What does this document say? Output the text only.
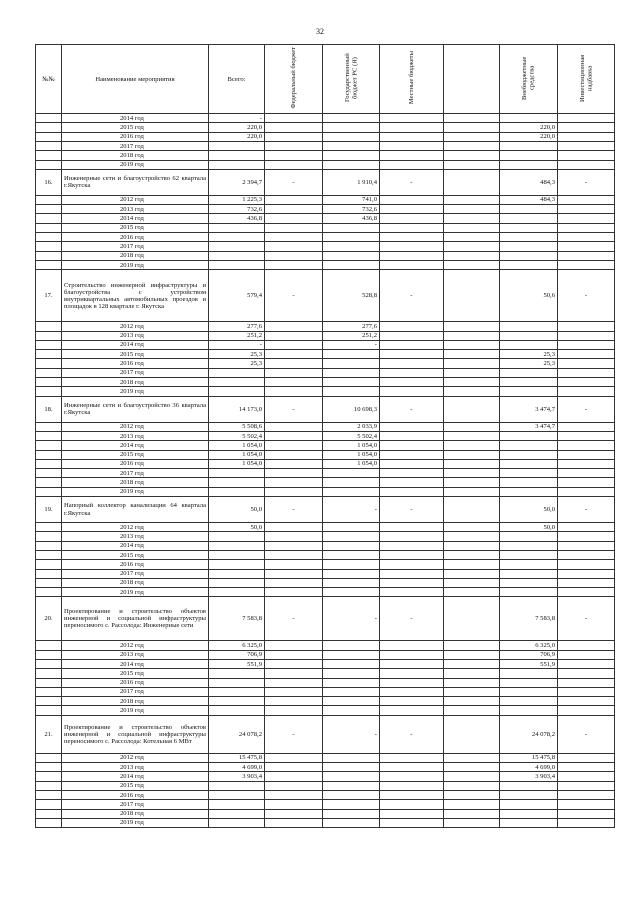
32
№№	Наименование мероприятия	Всего:	Федеральный бюджет	Государственный бюджет РС (Я)	Местные бюджеты		Внебюджетные средства	Инвестиционная надбавка
	2014 год	-						
	2015 год	220,0					220,0	
	2016 год	220,0					220,0	
	2017 год							
	2018 год							
	2019 год							
16.	Инженерные сети и благоустройство 62 квартала г.Якутска	2 394,7	-	1 910,4	-		484,3	-
	2012 год	1 225,3		741,0			484,3	
	2013 год	732,6		732,6				
	2014 год	436,8		436,8				
	2015 год							
	2016 год							
	2017 год							
	2018 год							
	2019 год							
17.	Строительство инженерной инфраструктуры и благоустройства с устройством внутриквартальных автомобильных проездов и площадок в 128 квартале г. Якутска	579,4	-	528,8	-		50,6	-
	2012 год	277,6		277,6				
	2013 год	251,2		251,2				
	2014 год	-		-				
	2015 год	25,3					25,3	
	2016 год	25,3					25,3	
	2017 год							
	2018 год							
	2019 год							
18.	Инженерные сети и благоустройство 36 квартала г.Якутска	14 173,0	-	10 698,3	-		3 474,7	-
	2012 год	5 508,6		2 033,9			3 474,7	
	2013 год	5 502,4		5 502,4				
	2014 год	1 054,0		1 054,0				
	2015 год	1 054,0		1 054,0				
	2016 год	1 054,0		1 054,0				
	2017 год							
	2018 год							
	2019 год							
19.	Напорный коллектор канализации 64 квартала г.Якутска	50,0	-	-	-		50,0	-
	2012 год	50,0					50,0	
	2013 год							
	2014 год							
	2015 год							
	2016 год							
	2017 год							
	2018 год							
	2019 год							
20.	Проектирование и строительство объектов инженерной и социальной инфраструктуры переносимого с. Расcолода: Инженерные сети	7 583,8	-	-	-		7 583,8	-
	2012 год	6 325,0					6 325,0	
	2013 год	706,9					706,9	
	2014 год	551,9					551,9	
	2015 год							
	2016 год							
	2017 год							
	2018 год							
	2019 год							
21.	Проектирование и строительство объектов инженерной и социальной инфраструктуры переносимого с. Рассолода: Котельная 6 МВт	24 078,2	-	-	-		24 078,2	-
	2012 год	15 475,8					15 475,8	
	2013 год	4 699,0					4 699,0	
	2014 год	3 903,4					3 903,4	
	2015 год							
	2016 год							
	2017 год							
	2018 год							
	2019 год							
